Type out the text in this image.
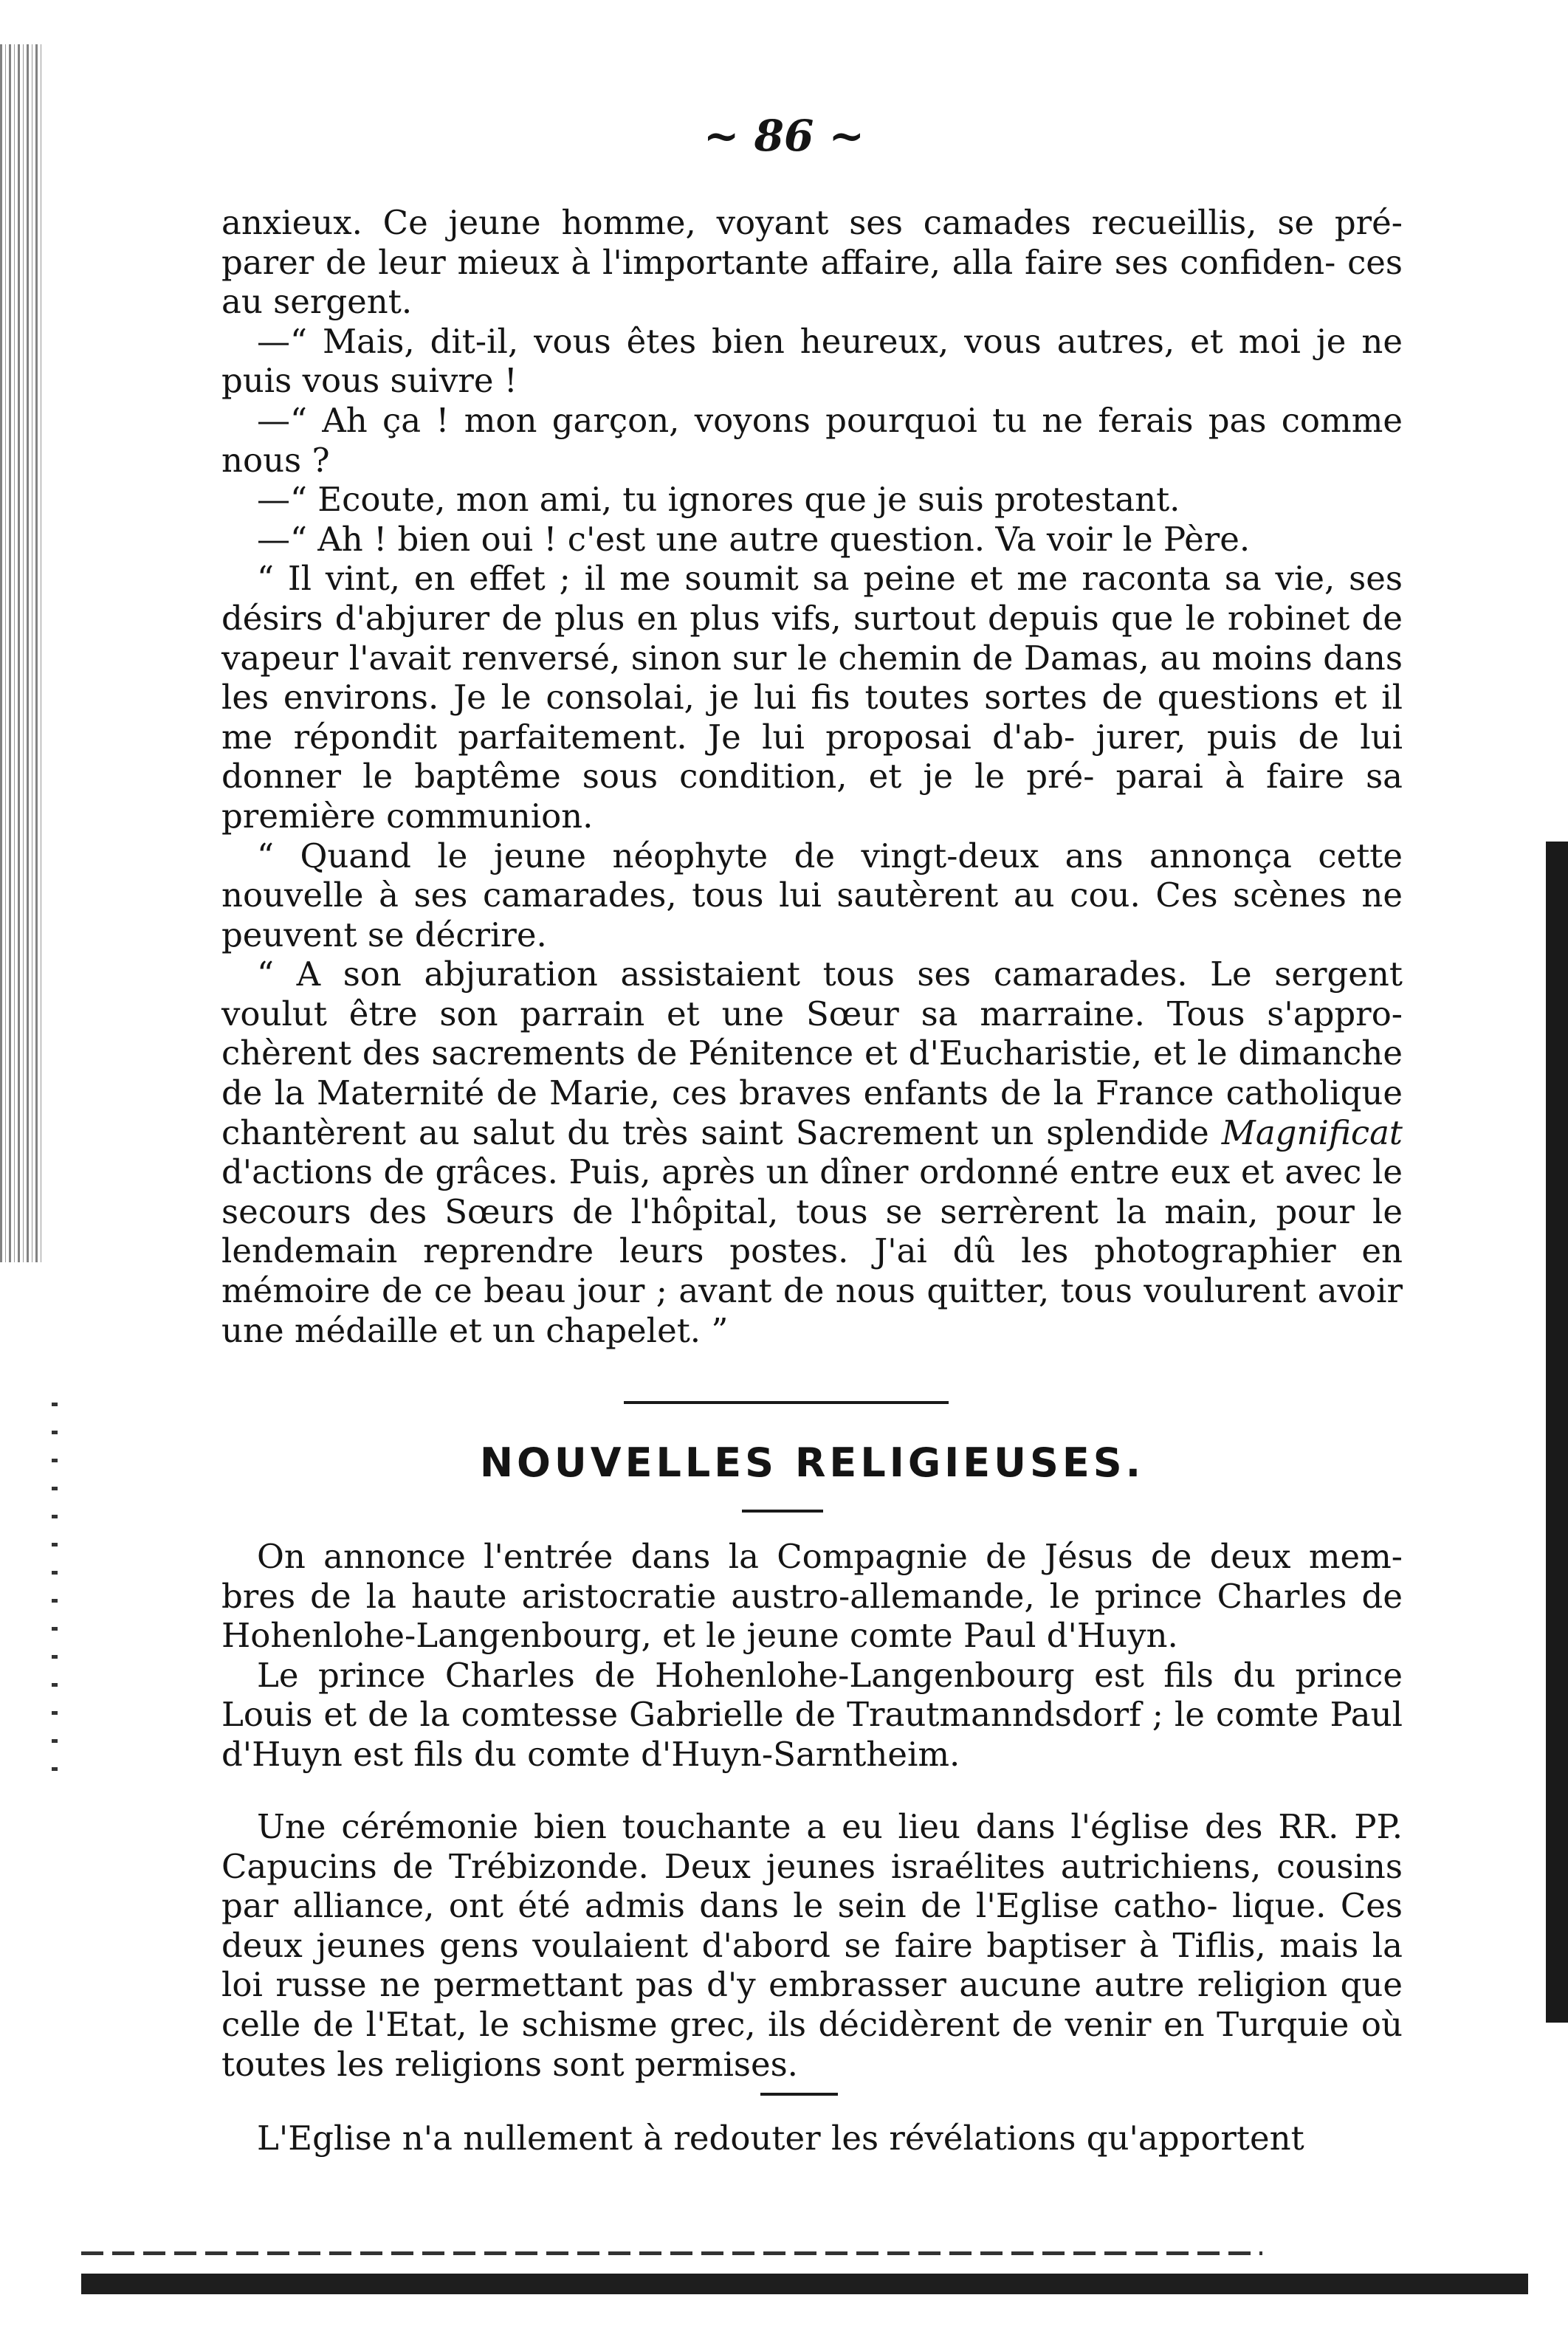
~ 86 ~

anxieux. Ce jeune homme, voyant ses camades recueillis, se pré- parer de leur mieux à l'importante affaire, alla faire ses confiden- ces au sergent.

—“ Mais, dit-il, vous êtes bien heureux, vous autres, et moi je ne puis vous suivre !

—“ Ah ça ! mon garçon, voyons pourquoi tu ne ferais pas comme nous ?

—“ Ecoute, mon ami, tu ignores que je suis protestant.

—“ Ah ! bien oui ! c'est une autre question. Va voir le Père.

“ Il vint, en effet ; il me soumit sa peine et me raconta sa vie, ses désirs d'abjurer de plus en plus vifs, surtout depuis que le robinet de vapeur l'avait renversé, sinon sur le chemin de Damas, au moins dans les environs. Je le consolai, je lui fis toutes sortes de questions et il me répondit parfaitement. Je lui proposai d'ab- jurer, puis de lui donner le baptême sous condition, et je le pré- parai à faire sa première communion.

“ Quand le jeune néophyte de vingt-deux ans annonça cette nouvelle à ses camarades, tous lui sautèrent au cou. Ces scènes ne peuvent se décrire.

“ A son abjuration assistaient tous ses camarades. Le sergent voulut être son parrain et une Sœur sa marraine. Tous s'appro- chèrent des sacrements de Pénitence et d'Eucharistie, et le dimanche de la Maternité de Marie, ces braves enfants de la France catholique chantèrent au salut du très saint Sacrement un splendide Magnificat d'actions de grâces. Puis, après un dîner ordonné entre eux et avec le secours des Sœurs de l'hôpital, tous se serrèrent la main, pour le lendemain reprendre leurs postes. J'ai dû les photographier en mémoire de ce beau jour ; avant de nous quitter, tous voulurent avoir une médaille et un chapelet. ”

NOUVELLES RELIGIEUSES.

On annonce l'entrée dans la Compagnie de Jésus de deux mem- bres de la haute aristocratie austro-allemande, le prince Charles de Hohenlohe-Langenbourg, et le jeune comte Paul d'Huyn.

Le prince Charles de Hohenlohe-Langenbourg est fils du prince Louis et de la comtesse Gabrielle de Trautmanndsdorf ; le comte Paul d'Huyn est fils du comte d'Huyn-Sarntheim.

Une cérémonie bien touchante a eu lieu dans l'église des RR. PP. Capucins de Trébizonde. Deux jeunes israélites autrichiens, cousins par alliance, ont été admis dans le sein de l'Eglise catho- lique. Ces deux jeunes gens voulaient d'abord se faire baptiser à Tiflis, mais la loi russe ne permettant pas d'y embrasser aucune autre religion que celle de l'Etat, le schisme grec, ils décidèrent de venir en Turquie où toutes les religions sont permises.

L'Eglise n'a nullement à redouter les révélations qu'apportent
